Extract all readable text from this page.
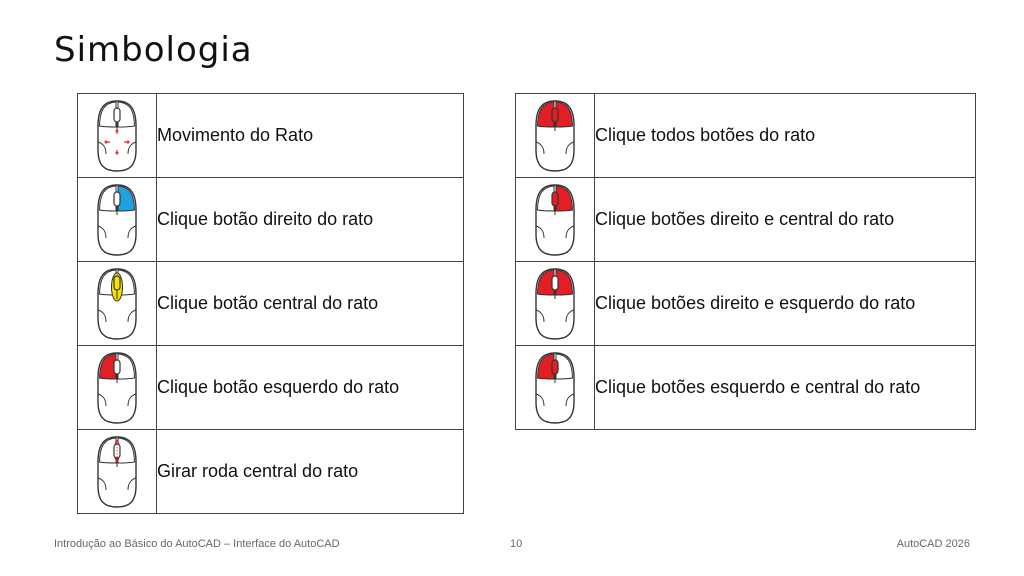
Simbologia
	Movimento do Rato

	Clique botão direito do rato

	Clique botão central do rato

	Clique botão esquerdo do rato

	Girar roda central do rato
	Clique todos botões do rato

	Clique botões direito e central do rato

	Clique botões direito e esquerdo do rato

	Clique botões esquerdo e central do rato
Introdução ao Básico do AutoCAD – Interface do AutoCAD	10	AutoCAD 2026
